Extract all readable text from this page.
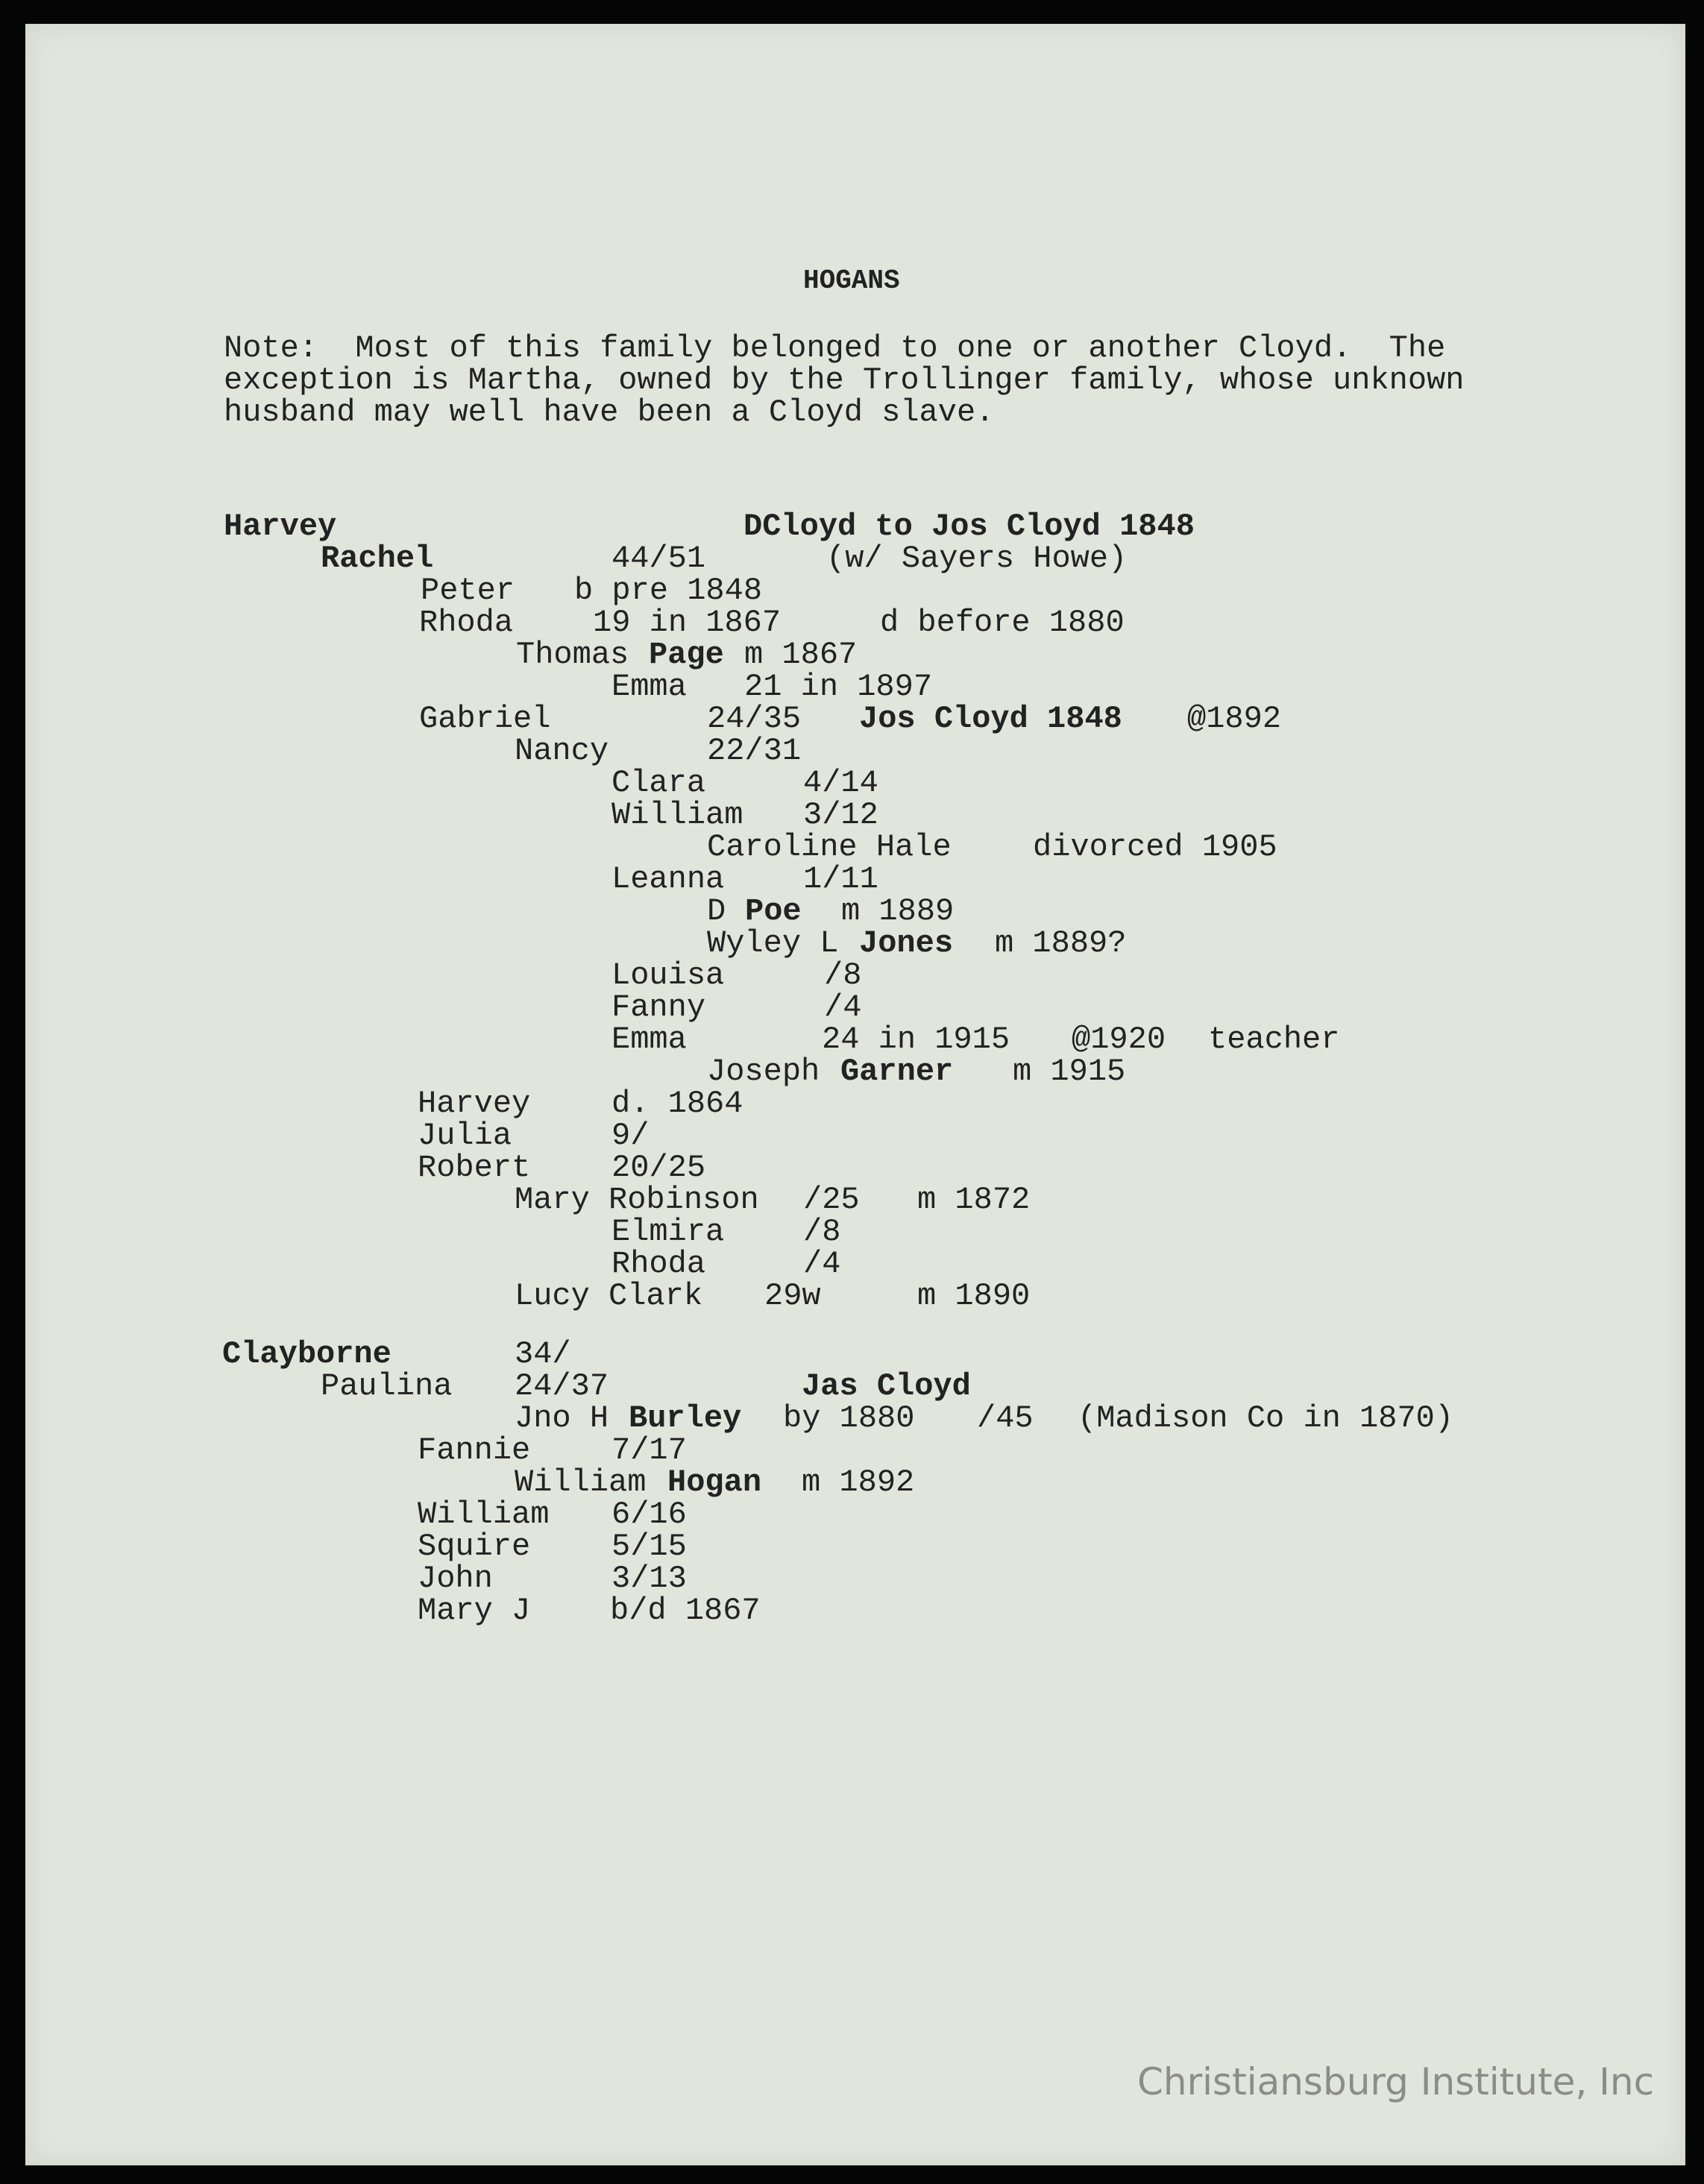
HOGANS
Note:  Most of this family belonged to one or another Cloyd.  The
exception is Martha, owned by the Trollinger family, whose unknown
husband may well have been a Cloyd slave.
Harvey	DCloyd to Jos Cloyd 1848
Rachel	44/51	(w/ Sayers Howe)
Peter b pre 1848
Rhoda	19 in 1867	d before 1880
Thomas Page m 1867
Emma 21 in 1897
Gabriel	24/35 Jos Cloyd 1848 @1892
Nancy	22/31
Clara	4/14
William 3/12
Caroline Hale	divorced 1905
Leanna	1/11
D Poe m 1889
Wyley L Jones m 1889?
Louisa	/8
Fanny	/4
Emma	24 in 1915 @1920 teacher
Joseph Garner m 1915
Harvey	d. 1864
Julia	9/
Robert	20/25
Mary Robinson /25 m 1872
Elmira	/8
Rhoda	/4
Lucy Clark 29w	m 1890
Clayborne	34/
Paulina 24/37	Jas Cloyd
Jno H Burley by 1880 /45 (Madison Co in 1870)
Fannie	7/17
William Hogan m 1892
William 6/16
Squire	5/15
John	3/13
Mary J	b/d 1867
Christiansburg Institute, Inc
